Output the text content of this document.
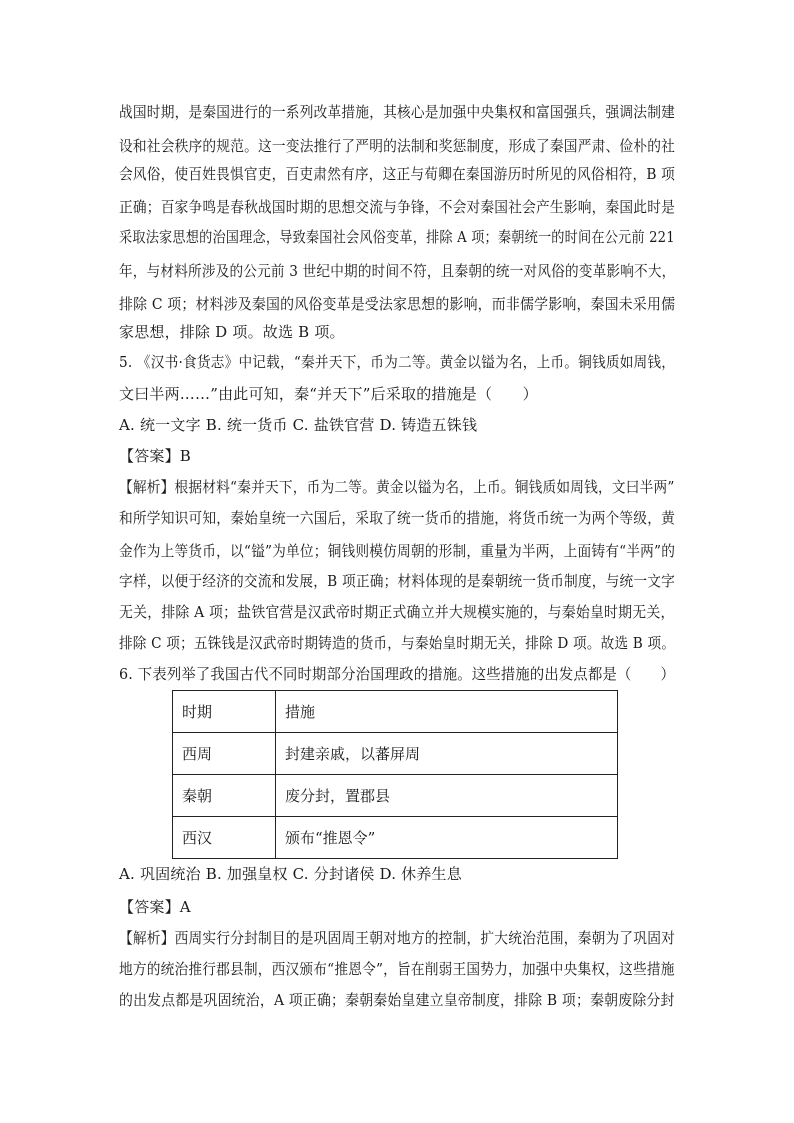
战国时期，是秦国进行的一系列改革措施，其核心是加强中央集权和富国强兵，强调法制建
设和社会秩序的规范。这一变法推行了严明的法制和奖惩制度，形成了秦国严肃、俭朴的社
会风俗，使百姓畏惧官吏，百吏肃然有序，这正与荀卿在秦国游历时所见的风俗相符，B 项
正确；百家争鸣是春秋战国时期的思想交流与争锋，不会对秦国社会产生影响，秦国此时是
采取法家思想的治国理念，导致秦国社会风俗变革，排除 A 项；秦朝统一的时间在公元前 221
年，与材料所涉及的公元前 3 世纪中期的时间不符，且秦朝的统一对风俗的变革影响不大，
排除 C 项；材料涉及秦国的风俗变革是受法家思想的影响，而非儒学影响，秦国未采用儒
家思想，排除 D 项。故选 B 项。
5. 《汉书·食货志》中记载，“秦并天下，币为二等。黄金以镒为名，上币。铜钱质如周钱，
文曰半两……”由此可知，秦“并天下”后采取的措施是（　　）
A. 统一文字 B. 统一货币 C. 盐铁官营 D. 铸造五铢钱
【答案】B
【解析】根据材料“秦并天下，币为二等。黄金以镒为名，上币。铜钱质如周钱，文曰半两”
和所学知识可知，秦始皇统一六国后，采取了统一货币的措施，将货币统一为两个等级，黄
金作为上等货币，以“镒”为单位；铜钱则模仿周朝的形制，重量为半两，上面铸有“半两”的
字样，以便于经济的交流和发展，B 项正确；材料体现的是秦朝统一货币制度，与统一文字
无关，排除 A 项；盐铁官营是汉武帝时期正式确立并大规模实施的，与秦始皇时期无关，
排除 C 项；五铢钱是汉武帝时期铸造的货币，与秦始皇时期无关，排除 D 项。故选 B 项。
6. 下表列举了我国古代不同时期部分治国理政的措施。这些措施的出发点都是（　　）
时期	措施
西周	封建亲戚，以蕃屏周
秦朝	废分封，置郡县
西汉	颁布“推恩令”
A. 巩固统治 B. 加强皇权 C. 分封诸侯 D. 休养生息
【答案】A
【解析】西周实行分封制目的是巩固周王朝对地方的控制，扩大统治范围，秦朝为了巩固对
地方的统治推行郡县制，西汉颁布“推恩令”，旨在削弱王国势力，加强中央集权，这些措施
的出发点都是巩固统治，A 项正确；秦朝秦始皇建立皇帝制度，排除 B 项；秦朝废除分封
